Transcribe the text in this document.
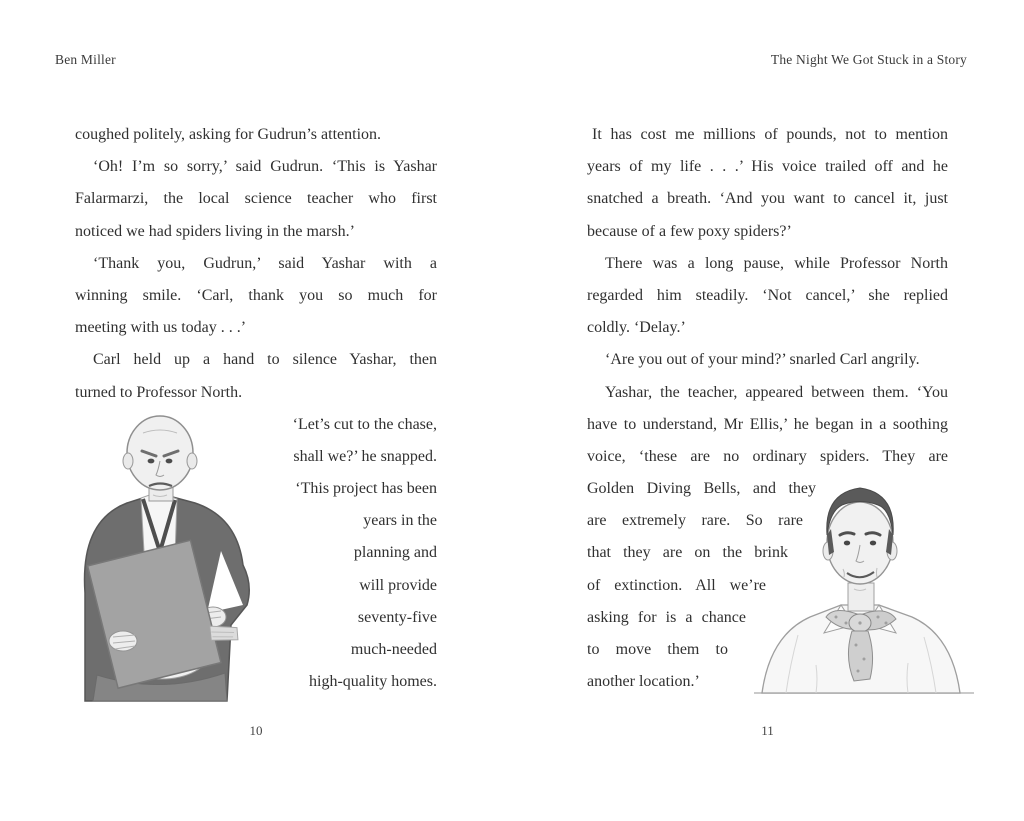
Ben Miller	The Night We Got Stuck in a Story
coughed politely, asking for Gudrun’s attention.
‘Oh! I’m so sorry,’ said Gudrun. ‘This is Yashar
Falarmarzi, the local science teacher who first
noticed we had spiders living in the marsh.’
‘Thank you, Gudrun,’ said Yashar with a
winning smile. ‘Carl, thank you so much for
meeting with us today . . .’
Carl held up a hand to silence Yashar, then
turned to Professor North.
‘Let’s cut to the chase,
shall we?’ he snapped.
‘This project has been
years in the
planning and
will provide
seventy-five
much-needed
high-quality homes.
It has cost me millions of pounds, not to mention
years of my life . . .’ His voice trailed off and he
snatched a breath. ‘And you want to cancel it, just
because of a few poxy spiders?’
There was a long pause, while Professor North
regarded him steadily. ‘Not cancel,’ she replied
coldly. ‘Delay.’
‘Are you out of your mind?’ snarled Carl angrily.
Yashar, the teacher, appeared between them. ‘You
have to understand, Mr Ellis,’ he began in a soothing
voice, ‘these are no ordinary spiders. They are
Golden Diving Bells, and they
are extremely rare. So rare
that they are on the brink
of extinction. All we’re
asking for is a chance
to move them to
another location.’
10	11
